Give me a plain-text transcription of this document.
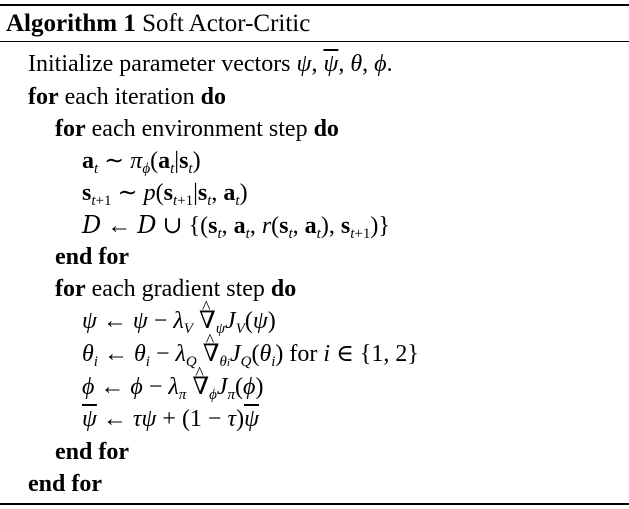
Algorithm 1 Soft Actor-Critic
Initialize parameter vectors ψ, $\overline{\psi}$, θ, ϕ.
for each iteration do
for each environment step do
$a_t$ ∼ $\pi_\phi(a_t|s_t)$
$s_{t+1}$ ∼ $p(s_{t+1}|s_t$, $a_t$)
D ← D ∪ {($s_t$, $a_t$, $r(s_t$, $a_t$), $s_{t+1}$)}
end for
for each gradient step do
ψ ← $\psi - \lambda_V$ ^ $\nabla_\psi J_V(\psi)$
$\theta_i$ ← $\theta_i - \lambda_Q$ ^ $\nabla_{\theta i}J_Q(\theta_i)$ for i ∈ {1, 2}
ϕ ← $\phi - \lambda_\pi$ ^ $\nabla_\phi J_\pi(\phi)$
$\overline{\psi}$ ← $\tau\psi + (1 - \tau)\overline{\psi}$
end for
end for
